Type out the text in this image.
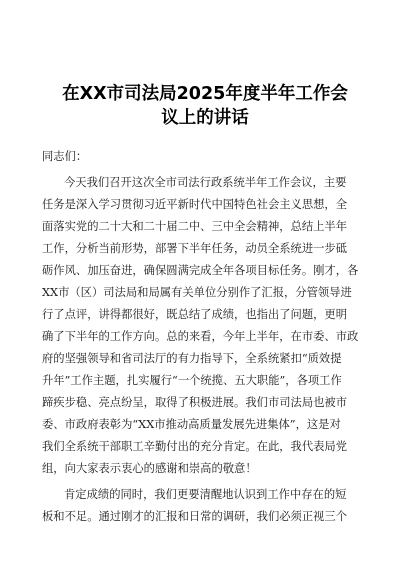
在XX市司法局2025年度半年工作会
议上的讲话
同志们：
今天我们召开这次全市司法行政系统半年工作会议，主要
任务是深入学习贯彻习近平新时代中国特色社会主义思想，全
面落实党的二十大和二十届二中、三中全会精神，总结上半年
工作，分析当前形势，部署下半年任务，动员全系统进一步砥
砺作风、加压奋进，确保圆满完成全年各项目标任务。刚才，各
XX市（区）司法局和局属有关单位分别作了汇报，分管领导进
行了点评，讲得都很好，既总结了成绩，也指出了问题，更明
确了下半年的工作方向。总的来看，今年上半年，在市委、市政
府的坚强领导和省司法厅的有力指导下，全系统紧扣“质效提
升年”工作主题，扎实履行“一个统揽、五大职能”，各项工作
蹄疾步稳、亮点纷呈，取得了积极进展。我们市司法局也被市
委、市政府表彰为“XX市推动高质量发展先进集体”，这是对
我们全系统干部职工辛勤付出的充分肯定。在此，我代表局党
组，向大家表示衷心的感谢和崇高的敬意！
肯定成绩的同时，我们更要清醒地认识到工作中存在的短
板和不足。通过刚才的汇报和日常的调研，我们必须正视三个
